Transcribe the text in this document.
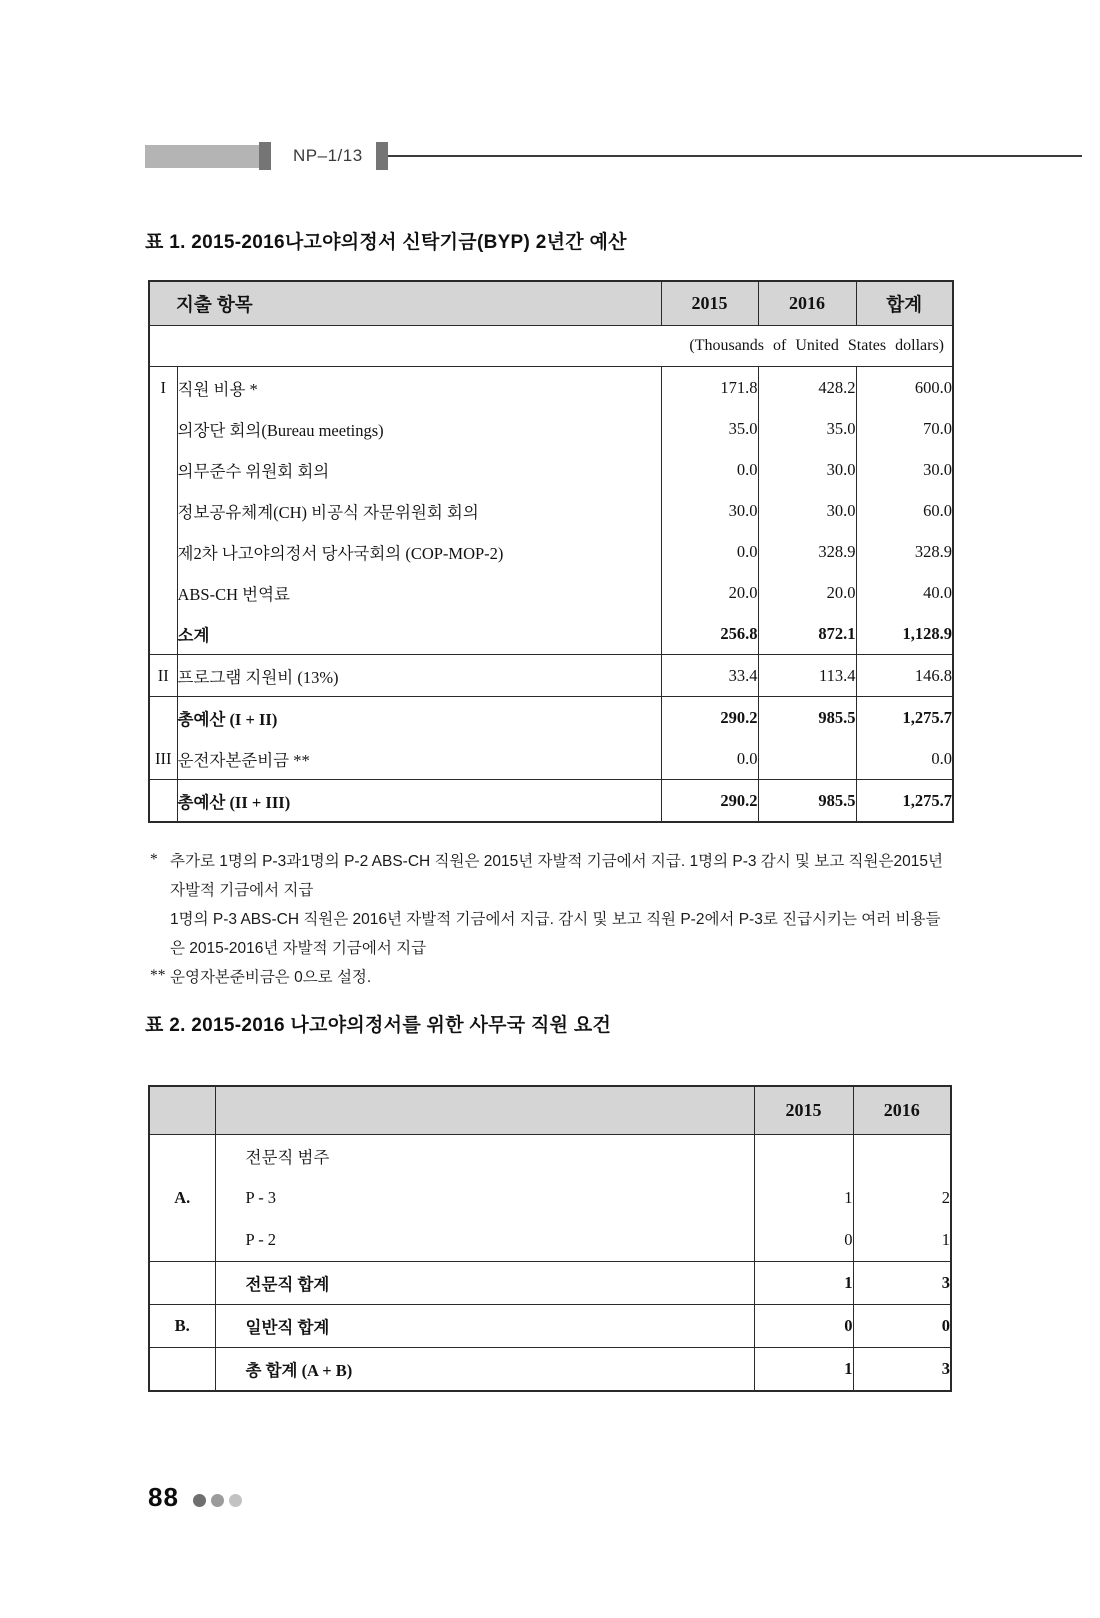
NP–1/13
표 1. 2015-2016나고야의정서 신탁기금(BYP) 2년간 예산
지출 항목		2015	2016	합계
(Thousands of United States dollars)				
I	직원 비용 *	171.8	428.2	600.0
	의장단 회의(Bureau meetings)	35.0	35.0	70.0
	의무준수 위원회 회의	0.0	30.0	30.0
	정보공유체계(CH) 비공식 자문위원회 회의	30.0	30.0	60.0
	제2차 나고야의정서 당사국회의 (COP-MOP-2)	0.0	328.9	328.9
	ABS-CH 번역료	20.0	20.0	40.0
	소계	256.8	872.1	1,128.9
II	프로그램 지원비 (13%)	33.4	113.4	146.8
	총예산 (I + II)	290.2	985.5	1,275.7
III	운전자본준비금 **	0.0		0.0
	총예산 (II + III)	290.2	985.5	1,275.7

* 추가로 1명의 P-3과1명의 P-2 ABS-CH 직원은 2015년 자발적 기금에서 지급. 1명의 P-3 감시 및 보고 직원은2015년 자발적 기금에서 지급

1명의 P-3 ABS-CH 직원은 2016년 자발적 기금에서 지급. 감시 및 보고 직원 P-2에서 P-3로 진급시키는 여러 비용들은 2015-2016년 자발적 기금에서 지급

** 운영자본준비금은 0으로 설정.

표 2. 2015-2016 나고야의정서를 위한 사무국 직원 요건
		2015	2016
	전문직 범주		
A.	P - 3	1	2
	P - 2	0	1
	전문직 합계	1	3
B.	일반직 합계	0	0
	총 합계 (A + B)	1	3
88
